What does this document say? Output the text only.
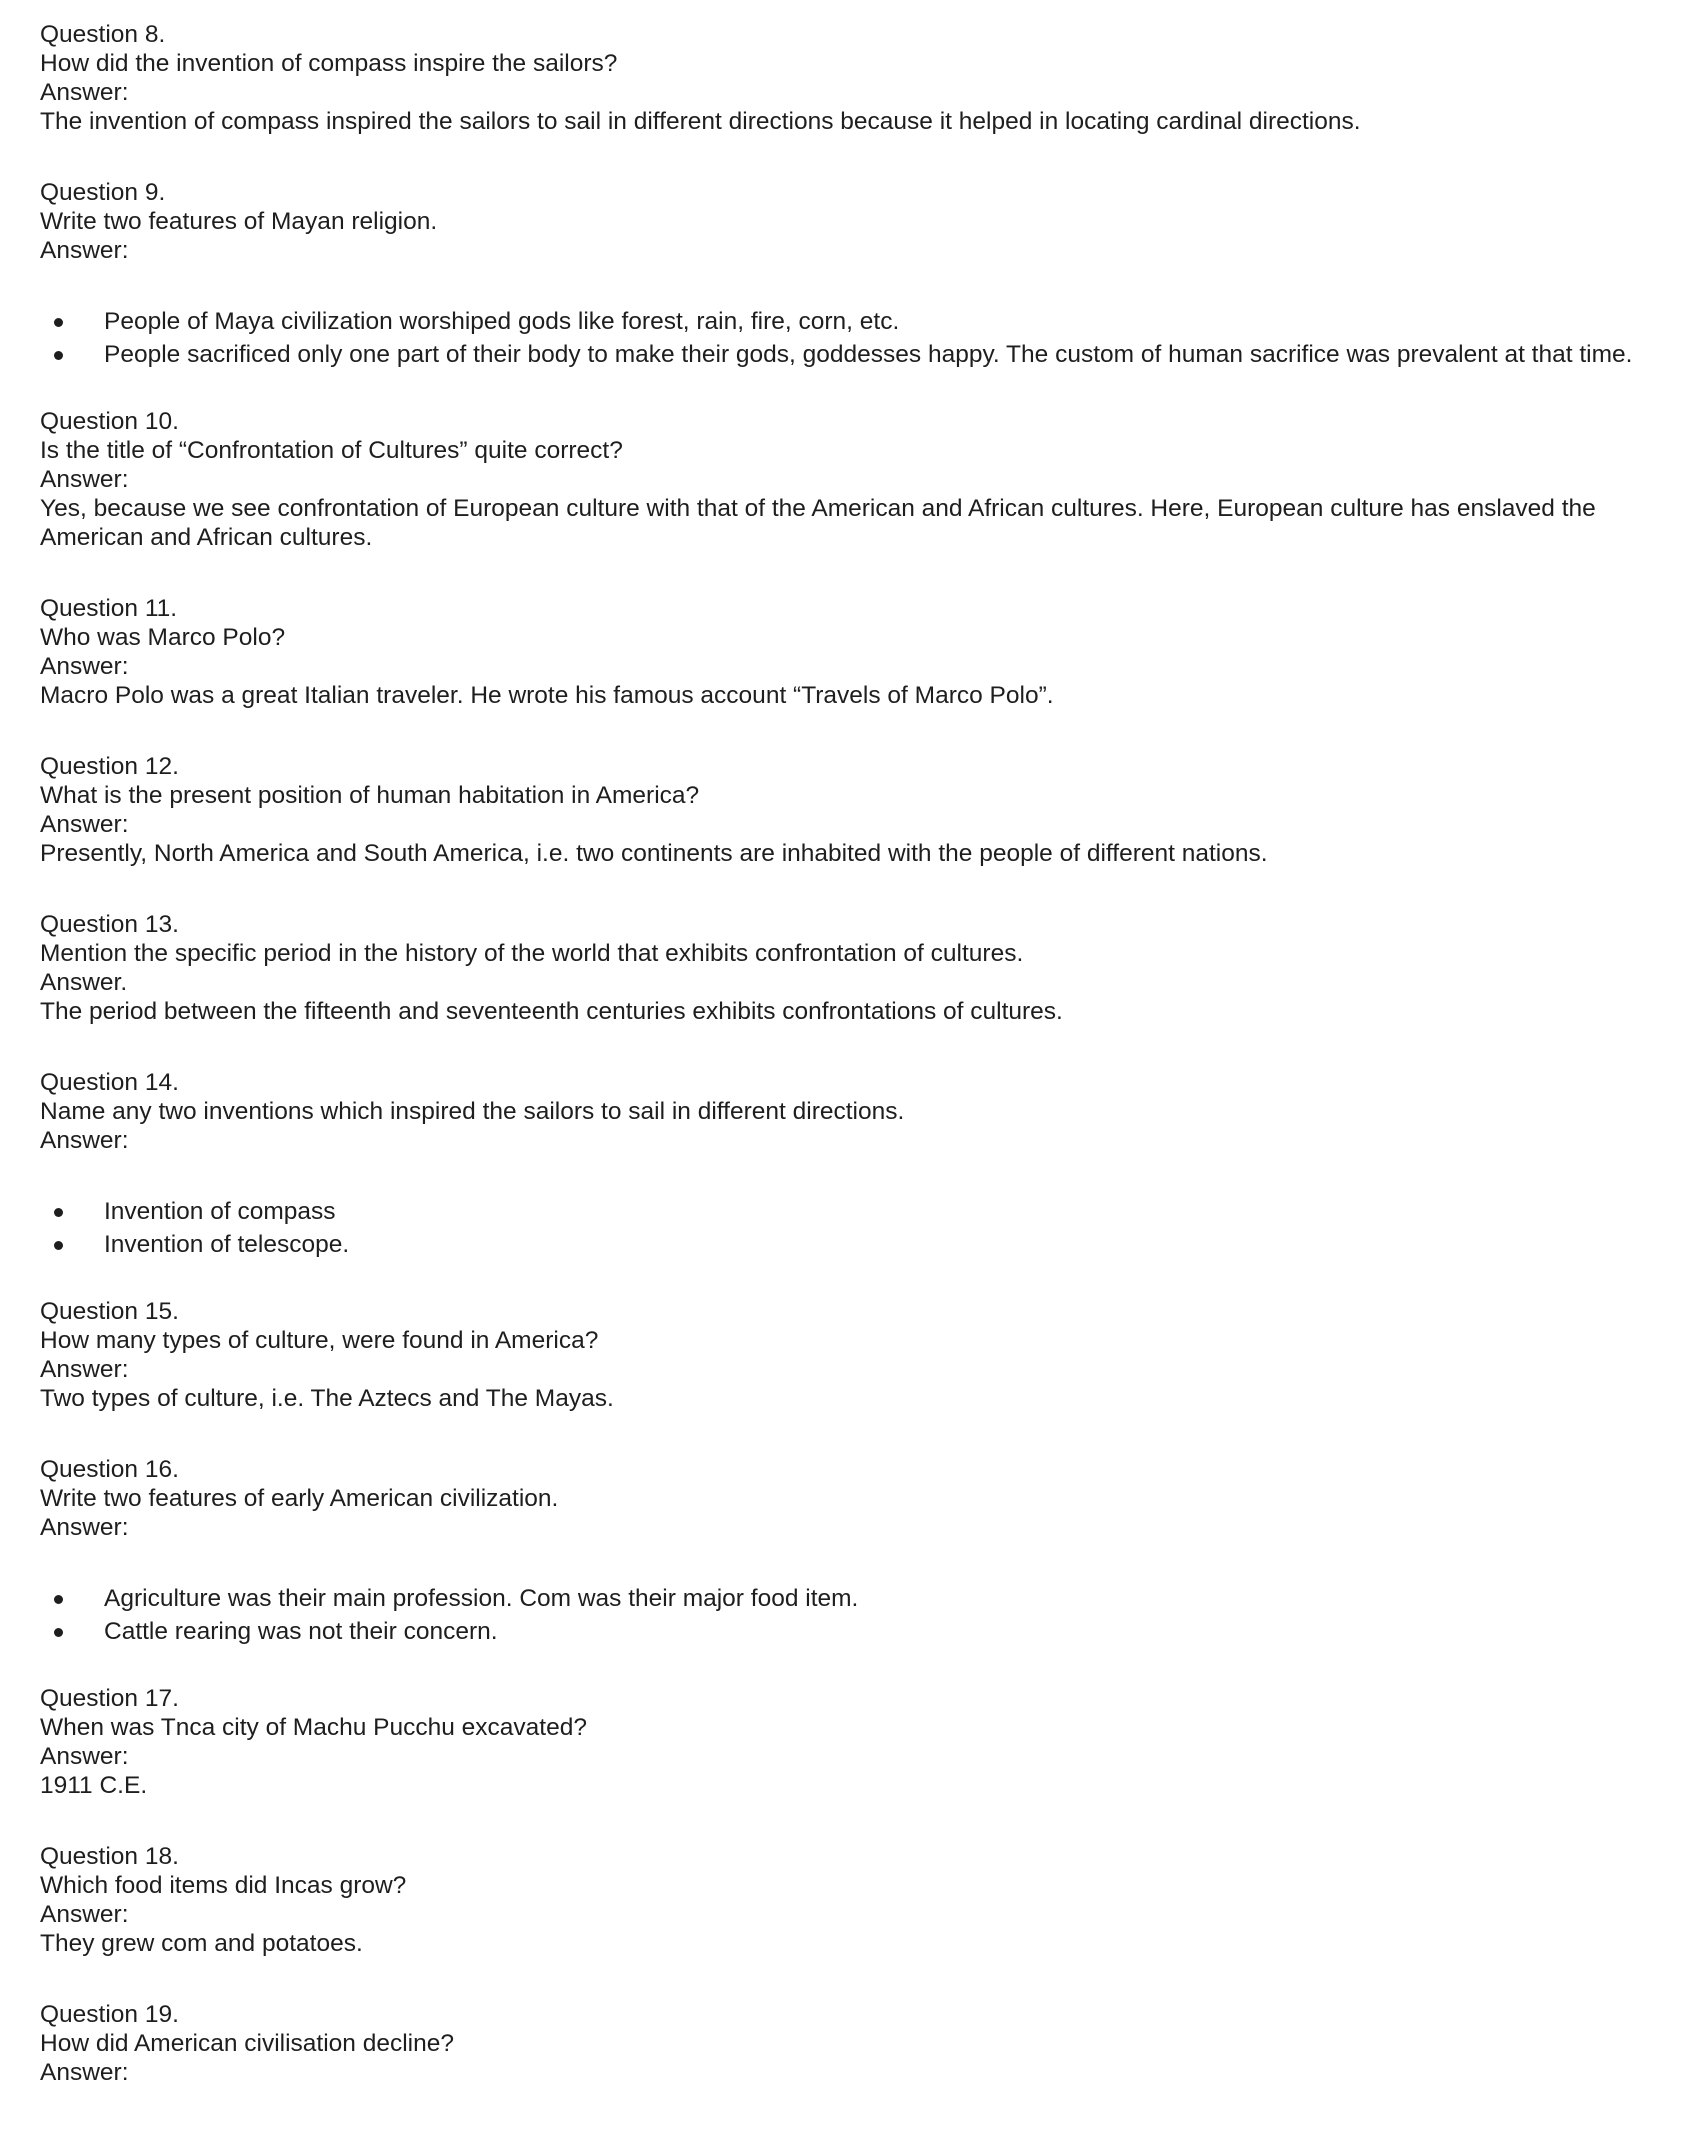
Question 8.
How did the invention of compass inspire the sailors?
Answer:
The invention of compass inspired the sailors to sail in different directions because it helped in locating cardinal directions.
Question 9.
Write two features of Mayan religion.
Answer:
People of Maya civilization worshiped gods like forest, rain, fire, corn, etc.
People sacrificed only one part of their body to make their gods, goddesses happy. The custom of human sacrifice was prevalent at that time.
Question 10.
Is the title of “Confrontation of Cultures” quite correct?
Answer:
Yes, because we see confrontation of European culture with that of the American and African cultures. Here, European culture has enslaved the American and African cultures.
Question 11.
Who was Marco Polo?
Answer:
Macro Polo was a great Italian traveler. He wrote his famous account “Travels of Marco Polo”.
Question 12.
What is the present position of human habitation in America?
Answer:
Presently, North America and South America, i.e. two continents are inhabited with the people of different nations.
Question 13.
Mention the specific period in the history of the world that exhibits confrontation of cultures.
Answer.
The period between the fifteenth and seventeenth centuries exhibits confrontations of cultures.
Question 14.
Name any two inventions which inspired the sailors to sail in different directions.
Answer:
Invention of compass
Invention of telescope.
Question 15.
How many types of culture, were found in America?
Answer:
Two types of culture, i.e. The Aztecs and The Mayas.
Question 16.
Write two features of early American civilization.
Answer:
Agriculture was their main profession. Com was their major food item.
Cattle rearing was not their concern.
Question 17.
When was Tnca city of Machu Pucchu excavated?
Answer:
1911 C.E.
Question 18.
Which food items did Incas grow?
Answer:
They grew com and potatoes.
Question 19.
How did American civilisation decline?
Answer:
